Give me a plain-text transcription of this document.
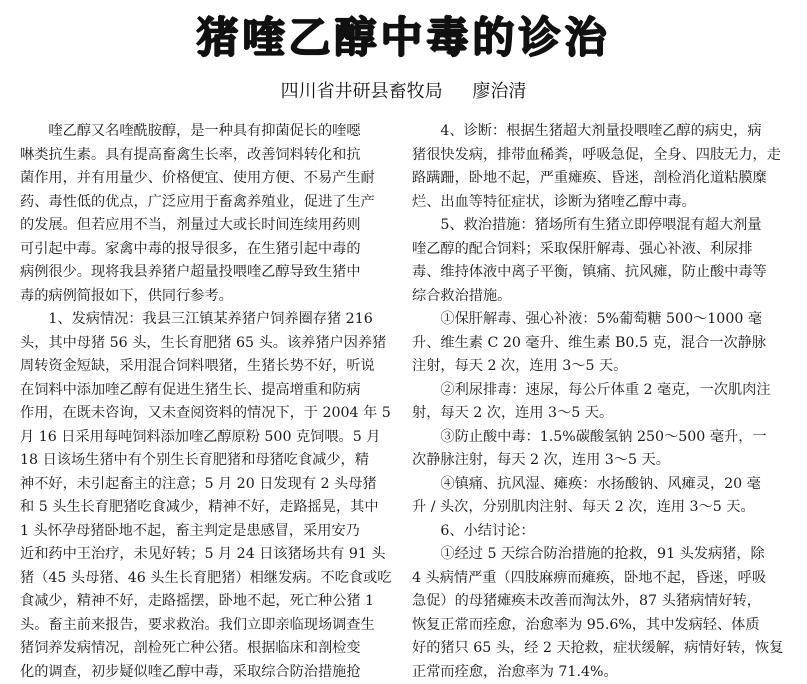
猪喹乙醇中毒的诊治
四川省井研县畜牧局 廖治清
　　喹乙醇又名喹酰胺醇，是一种具有抑菌促长的喹噁
啉类抗生素。具有提高畜禽生长率，改善饲料转化和抗
菌作用，并有用量少、价格便宜、使用方便、不易产生耐
药、毒性低的优点，广泛应用于畜禽养殖业，促进了生产
的发展。但若应用不当，剂量过大或长时间连续用药则
可引起中毒。家禽中毒的报导很多，在生猪引起中毒的
病例很少。现将我县养猪户超量投喂喹乙醇导致生猪中
毒的病例简报如下，供同行参考。
　　1、发病情况：我县三江镇某养猪户饲养圈存猪 216
头，其中母猪 56 头，生长育肥猪 65 头。该养猪户因养猪
周转资金短缺，采用混合饲料喂猪，生猪长势不好，听说
在饲料中添加喹乙醇有促进生猪生长、提高增重和防病
作用，在既未咨询，又未查阅资料的情况下，于 2004 年 5
月 16 日采用每吨饲料添加喹乙醇原粉 500 克饲喂。5 月
18 日该场生猪中有个别生长育肥猪和母猪吃食减少，精
神不好，未引起畜主的注意；5 月 20 日发现有 2 头母猪
和 5 头生长育肥猪吃食减少，精神不好，走路摇晃，其中
1 头怀孕母猪卧地不起，畜主判定是患感冒，采用安乃
近和药中王治疗，未见好转；5 月 24 日该猪场共有 91 头
猪（45 头母猪、46 头生长育肥猪）相继发病。不吃食或吃
食减少，精神不好，走路摇摆，卧地不起，死亡种公猪 1
头。畜主前来报告，要求救治。我们立即亲临现场调查生
猪饲养发病情况，剖检死亡种公猪。根据临床和剖检变
化的调查，初步疑似喹乙醇中毒，采取综合防治措施抢
　　4、诊断：根据生猪超大剂量投喂喹乙醇的病史，病
猪很快发病，排带血稀粪，呼吸急促，全身、四肢无力，走
路蹒跚，卧地不起，严重瘫痪、昏迷，剖检消化道粘膜糜
烂、出血等特征症状，诊断为猪喹乙醇中毒。
　　5、救治措施：猪场所有生猪立即停喂混有超大剂量
喹乙醇的配合饲料；采取保肝解毒、强心补液、利尿排
毒、维持体液中离子平衡，镇痛、抗风瘫，防止酸中毒等
综合救治措施。
　　①保肝解毒、强心补液：5%葡萄糖 500～1000 毫
升、维生素 C 20 毫升、维生素 B0.5 克，混合一次静脉
注射，每天 2 次，连用 3～5 天。
　　②利尿排毒：速尿，每公斤体重 2 毫克，一次肌肉注
射，每天 2 次，连用 3～5 天。
　　③防止酸中毒：1.5%碳酸氢钠 250～500 毫升，一
次静脉注射，每天 2 次，连用 3～5 天。
　　④镇痛、抗风湿、瘫痪：水扬酸钠、风瘫灵，20 毫
升 / 头次，分别肌肉注射、每天 2 次，连用 3～5 天。
　　6、小结讨论：
　　①经过 5 天综合防治措施的抢救，91 头发病猪，除
4 头病情严重（四肢麻痹而瘫痪，卧地不起，昏迷，呼吸
急促）的母猪瘫痪未改善而淘汰外，87 头猪病情好转，
恢复正常而痊愈，治愈率为 95.6%，其中发病轻、体质
好的猪只 65 头，经 2 天抢救，症状缓解，病情好转，恢复
正常而痊愈，治愈率为 71.4%。
